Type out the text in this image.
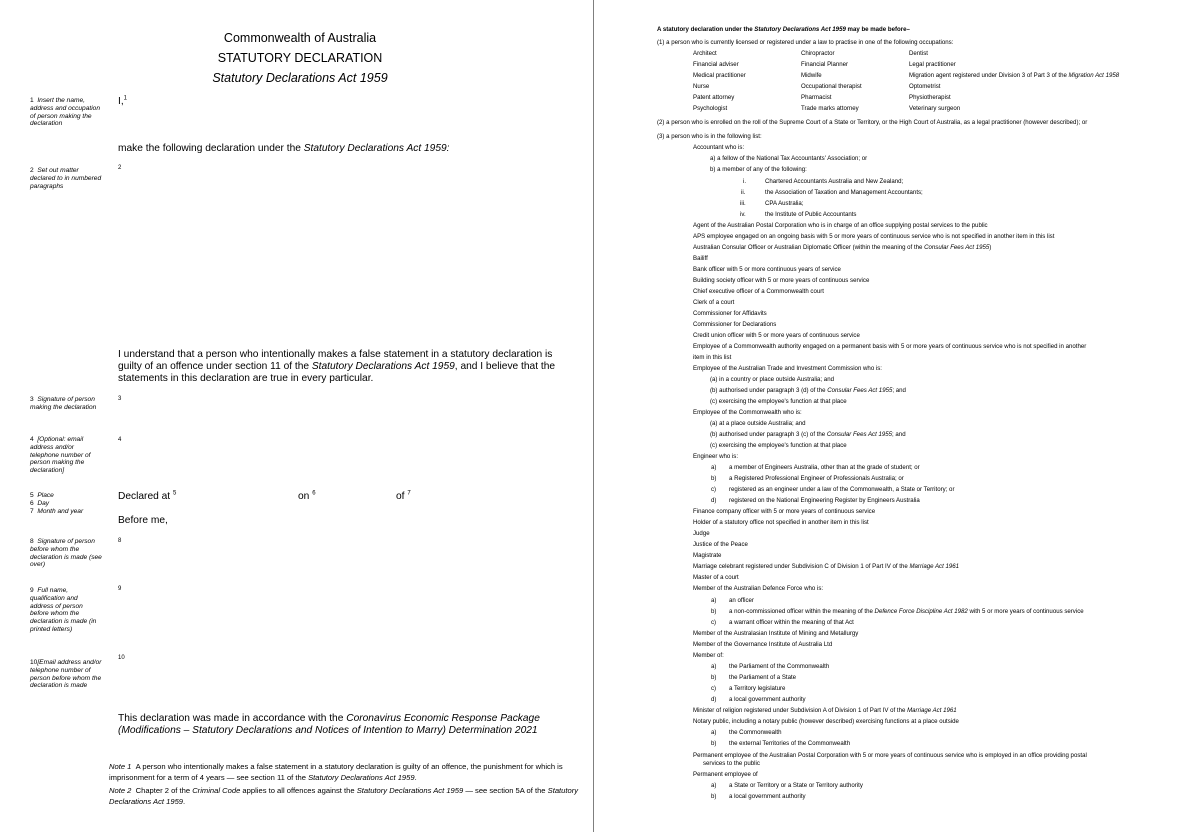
Commonwealth of Australia
STATUTORY DECLARATION
Statutory Declarations Act 1959
1 Insert the name, address and occupation of person making the declaration
2 Set out matter declared to in numbered paragraphs
3 Signature of person making the declaration
4 [Optional: email address and/or telephone number of person making the declaration]
5 Place
6 Day
7 Month and year
8 Signature of person before whom the declaration is made (see over)
9 Full name, qualification and address of person before whom the declaration is made (in printed letters)
10[Email address and/or telephone number of person before whom the declaration is made
I,$^1$
make the following declaration under the Statutory Declarations Act 1959:
2
I understand that a person who intentionally makes a false statement in a statutory declaration is
guilty of an offence under section 11 of the Statutory Declarations Act 1959, and I believe that the
statements in this declaration are true in every particular.
3
4
Declared at $^5$	on $^6$	of $^7$
Before me,
8
9
10
This declaration was made in accordance with the Coronavirus Economic Response Package
(Modifications – Statutory Declarations and Notices of Intention to Marry) Determination 2021
Note 1 A person who intentionally makes a false statement in a statutory declaration is guilty of an offence, the punishment for which is imprisonment for a term of 4 years — see section 11 of the Statutory Declarations Act 1959.
Note 2 Chapter 2 of the Criminal Code applies to all offences against the Statutory Declarations Act 1959 — see section 5A of the Statutory Declarations Act 1959.
A statutory declaration under the Statutory Declarations Act 1959 may be made before–
(1) a person who is currently licensed or registered under a law to practise in one of the following occupations:
Architect	Chiropractor	Dentist
Financial adviser	Financial Planner	Legal practitioner
Medical practitioner	Midwife	Migration agent registered under Division 3 of Part 3 of the Migration Act 1958
Nurse	Occupational therapist	Optometrist
Patent attorney	Pharmacist	Physiotherapist
Psychologist	Trade marks attorney	Veterinary surgeon
(2) a person who is enrolled on the roll of the Supreme Court of a State or Territory, or the High Court of Australia, as a legal practitioner (however described); or
(3) a person who is in the following list:
Accountant who is:
a) a fellow of the National Tax Accountants' Association; or
b) a member of any of the following:
i.	Chartered Accountants Australia and New Zealand;
ii.	the Association of Taxation and Management Accountants;
iii.	CPA Australia;
iv.	the Institute of Public Accountants
Agent of the Australian Postal Corporation who is in charge of an office supplying postal services to the public
APS employee engaged on an ongoing basis with 5 or more years of continuous service who is not specified in another item in this list
Australian Consular Officer or Australian Diplomatic Officer (within the meaning of the Consular Fees Act 1955)
Bailiff
Bank officer with 5 or more continuous years of service
Building society officer with 5 or more years of continuous service
Chief executive officer of a Commonwealth court
Clerk of a court
Commissioner for Affidavits
Commissioner for Declarations
Credit union officer with 5 or more years of continuous service
Employee of a Commonwealth authority engaged on a permanent basis with 5 or more years of continuous service who is not specified in another
item in this list
Employee of the Australian Trade and Investment Commission who is:
(a) in a country or place outside Australia; and
(b) authorised under paragraph 3 (d) of the Consular Fees Act 1955; and
(c) exercising the employee's function at that place
Employee of the Commonwealth who is:
(a) at a place outside Australia; and
(b) authorised under paragraph 3 (c) of the Consular Fees Act 1955; and
(c) exercising the employee's function at that place
Engineer who is:
a) a member of Engineers Australia, other than at the grade of student; or
b) a Registered Professional Engineer of Professionals Australia; or
c) registered as an engineer under a law of the Commonwealth, a State or Territory; or
d) registered on the National Engineering Register by Engineers Australia
Finance company officer with 5 or more years of continuous service
Holder of a statutory office not specified in another item in this list
Judge
Justice of the Peace
Magistrate
Marriage celebrant registered under Subdivision C of Division 1 of Part IV of the Marriage Act 1961
Master of a court
Member of the Australian Defence Force who is:
a) an officer
b) a non-commissioned officer within the meaning of the Defence Force Discipline Act 1982 with 5 or more years of continuous service
c) a warrant officer within the meaning of that Act
Member of the Australasian Institute of Mining and Metallurgy
Member of the Governance Institute of Australia Ltd
Member of:
a) the Parliament of the Commonwealth
b) the Parliament of a State
c) a Territory legislature
d) a local government authority
Minister of religion registered under Subdivision A of Division 1 of Part IV of the Marriage Act 1961
Notary public, including a notary public (however described) exercising functions at a place outside
a) the Commonwealth
b) the external Territories of the Commonwealth
Permanent employee of the Australian Postal Corporation with 5 or more years of continuous service who is employed in an office providing postal
services to the public
Permanent employee of
a) a State or Territory or a State or Territory authority
b) a local government authority
